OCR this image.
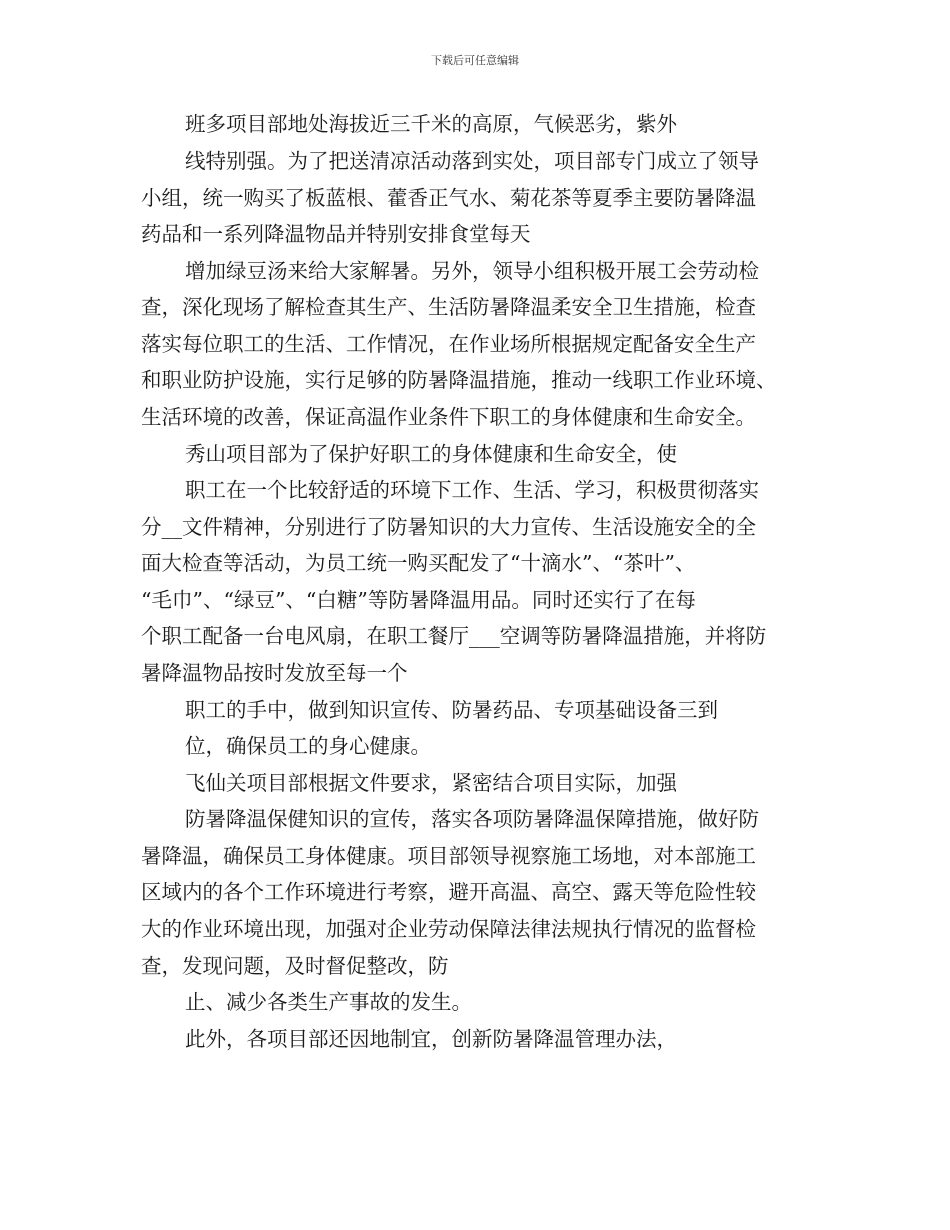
下载后可任意编辑
班多项目部地处海拔近三千米的高原，气候恶劣，紫外
线特别强。为了把送清凉活动落到实处，项目部专门成立了领导
小组，统一购买了板蓝根、藿香正气水、菊花茶等夏季主要防暑降温
药品和一系列降温物品并特别安排食堂每天
增加绿豆汤来给大家解暑。另外，领导小组积极开展工会劳动检
查，深化现场了解检查其生产、生活防暑降温柔安全卫生措施，检查
落实每位职工的生活、工作情况，在作业场所根据规定配备安全生产
和职业防护设施，实行足够的防暑降温措施，推动一线职工作业环境、
生活环境的改善，保证高温作业条件下职工的身体健康和生命安全。
秀山项目部为了保护好职工的身体健康和生命安全，使
职工在一个比较舒适的环境下工作、生活、学习，积极贯彻落实
分__文件精神，分别进行了防暑知识的大力宣传、生活设施安全的全
面大检查等活动，为员工统一购买配发了“十滴水”、“茶叶”、
“毛巾”、“绿豆”、“白糖”等防暑降温用品。同时还实行了在每
个职工配备一台电风扇，在职工餐厅___空调等防暑降温措施，并将防
暑降温物品按时发放至每一个
职工的手中，做到知识宣传、防暑药品、专项基础设备三到
位，确保员工的身心健康。
飞仙关项目部根据文件要求，紧密结合项目实际，加强
防暑降温保健知识的宣传，落实各项防暑降温保障措施，做好防
暑降温，确保员工身体健康。项目部领导视察施工场地，对本部施工
区域内的各个工作环境进行考察，避开高温、高空、露天等危险性较
大的作业环境出现，加强对企业劳动保障法律法规执行情况的监督检
查，发现问题，及时督促整改，防
止、减少各类生产事故的发生。
此外，各项目部还因地制宜，创新防暑降温管理办法，
